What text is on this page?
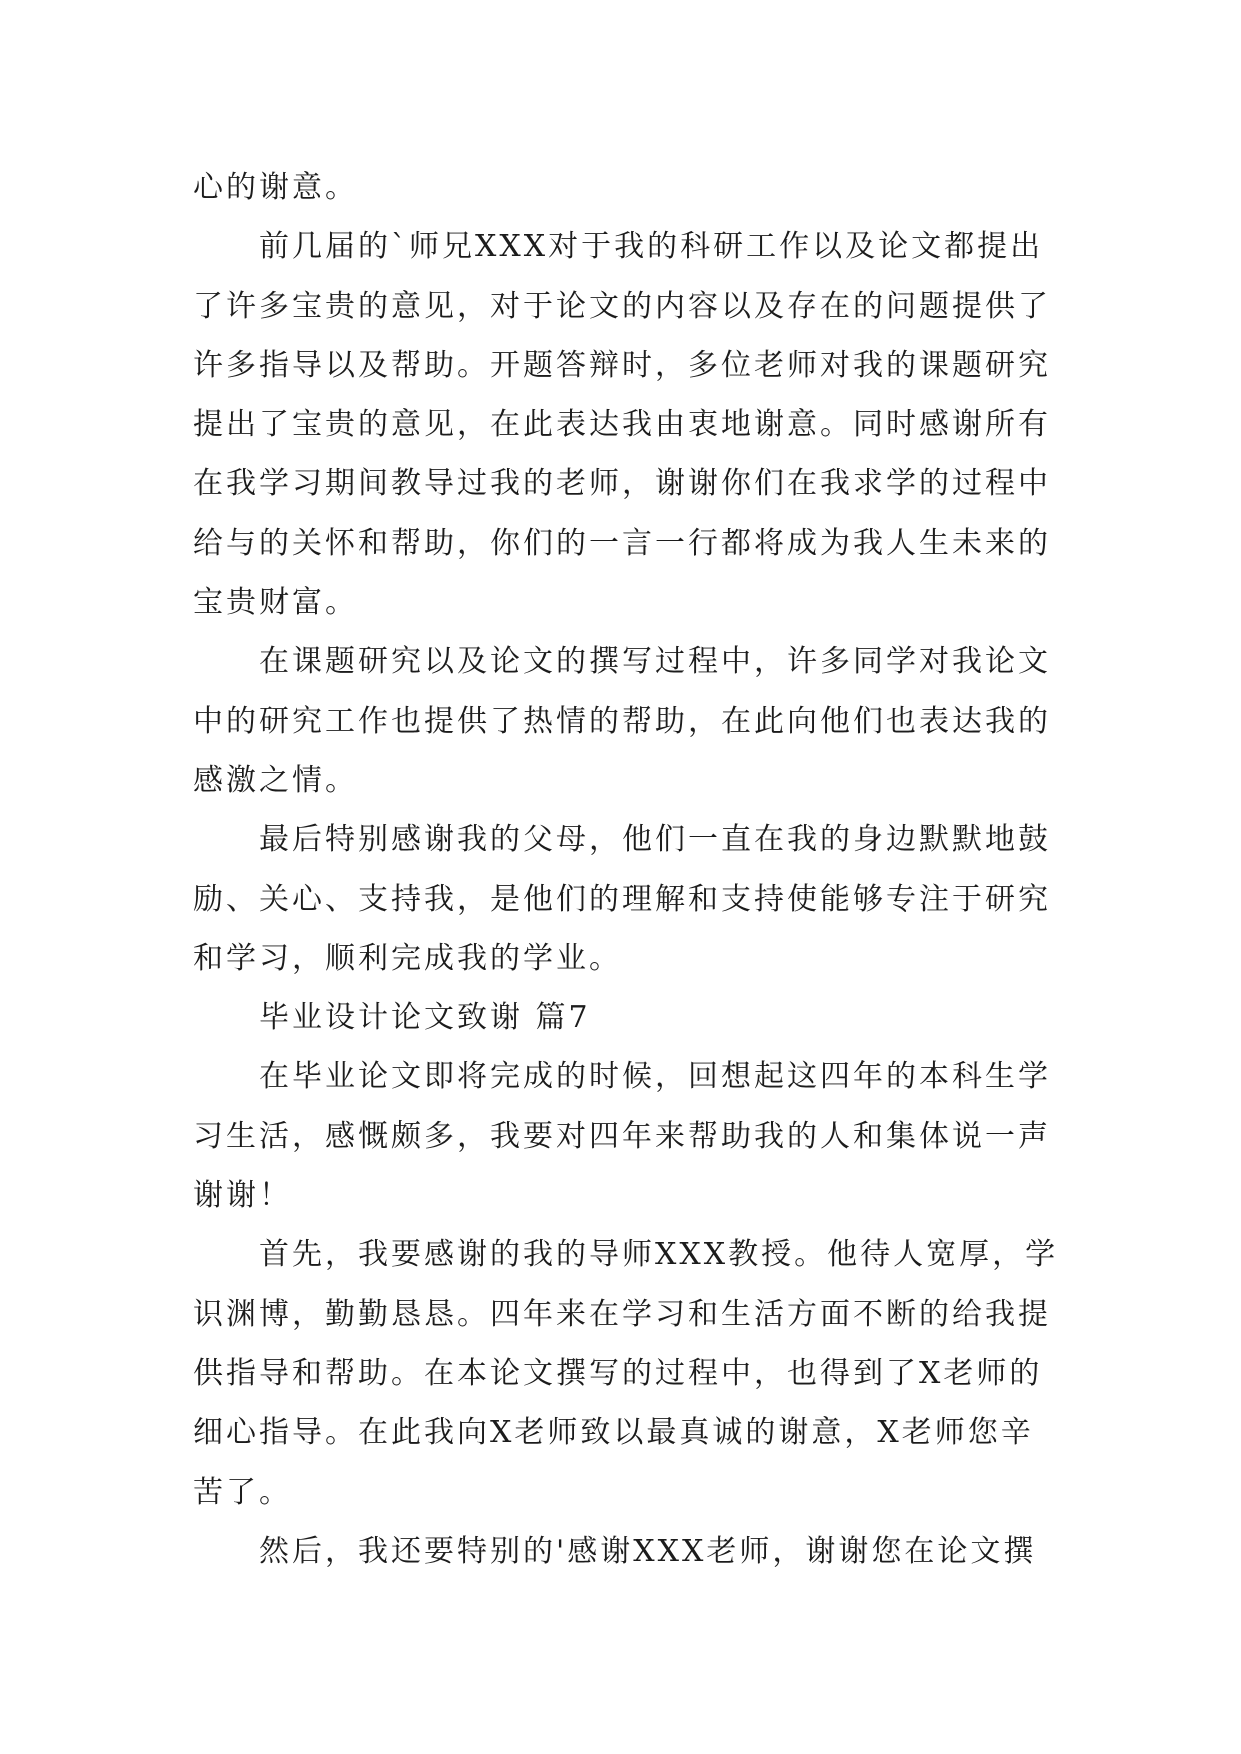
心的谢意。
前几届的`师兄XXX对于我的科研工作以及论文都提出
了许多宝贵的意见，对于论文的内容以及存在的问题提供了
许多指导以及帮助。开题答辩时，多位老师对我的课题研究
提出了宝贵的意见，在此表达我由衷地谢意。同时感谢所有
在我学习期间教导过我的老师，谢谢你们在我求学的过程中
给与的关怀和帮助，你们的一言一行都将成为我人生未来的
宝贵财富。
在课题研究以及论文的撰写过程中，许多同学对我论文
中的研究工作也提供了热情的帮助，在此向他们也表达我的
感激之情。
最后特别感谢我的父母，他们一直在我的身边默默地鼓
励、关心、支持我，是他们的理解和支持使能够专注于研究
和学习，顺利完成我的学业。
毕业设计论文致谢 篇7
在毕业论文即将完成的时候，回想起这四年的本科生学
习生活，感慨颇多，我要对四年来帮助我的人和集体说一声
谢谢！
首先，我要感谢的我的导师XXX教授。他待人宽厚，学
识渊博，勤勤恳恳。四年来在学习和生活方面不断的给我提
供指导和帮助。在本论文撰写的过程中，也得到了X老师的
细心指导。在此我向X老师致以最真诚的谢意，X老师您辛
苦了。
然后，我还要特别的'感谢XXX老师，谢谢您在论文撰
